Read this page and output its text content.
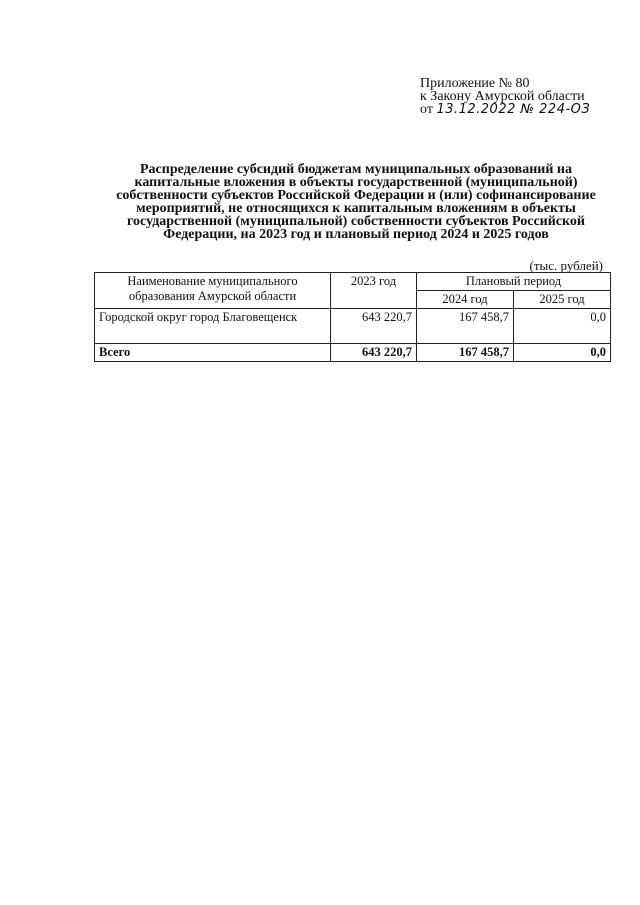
Приложение № 80
к Закону Амурской области
от 13.12.2022 № 224-ОЗ
Распределение субсидий бюджетам муниципальных образований на капитальные вложения в объекты государственной (муниципальной) собственности субъектов Российской Федерации и (или) софинансирование мероприятий, не относящихся к капитальным вложениям в объекты государственной (муниципальной) собственности субъектов Российской Федерации, на 2023 год и плановый период 2024 и 2025 годов
(тыс. рублей)
Наименование муниципального образования Амурской области	2023 год	Плановый период	
		2024 год	2025 год
Городской округ город Благовещенск	643 220,7	167 458,7	0,0
Всего	643 220,7	167 458,7	0,0
